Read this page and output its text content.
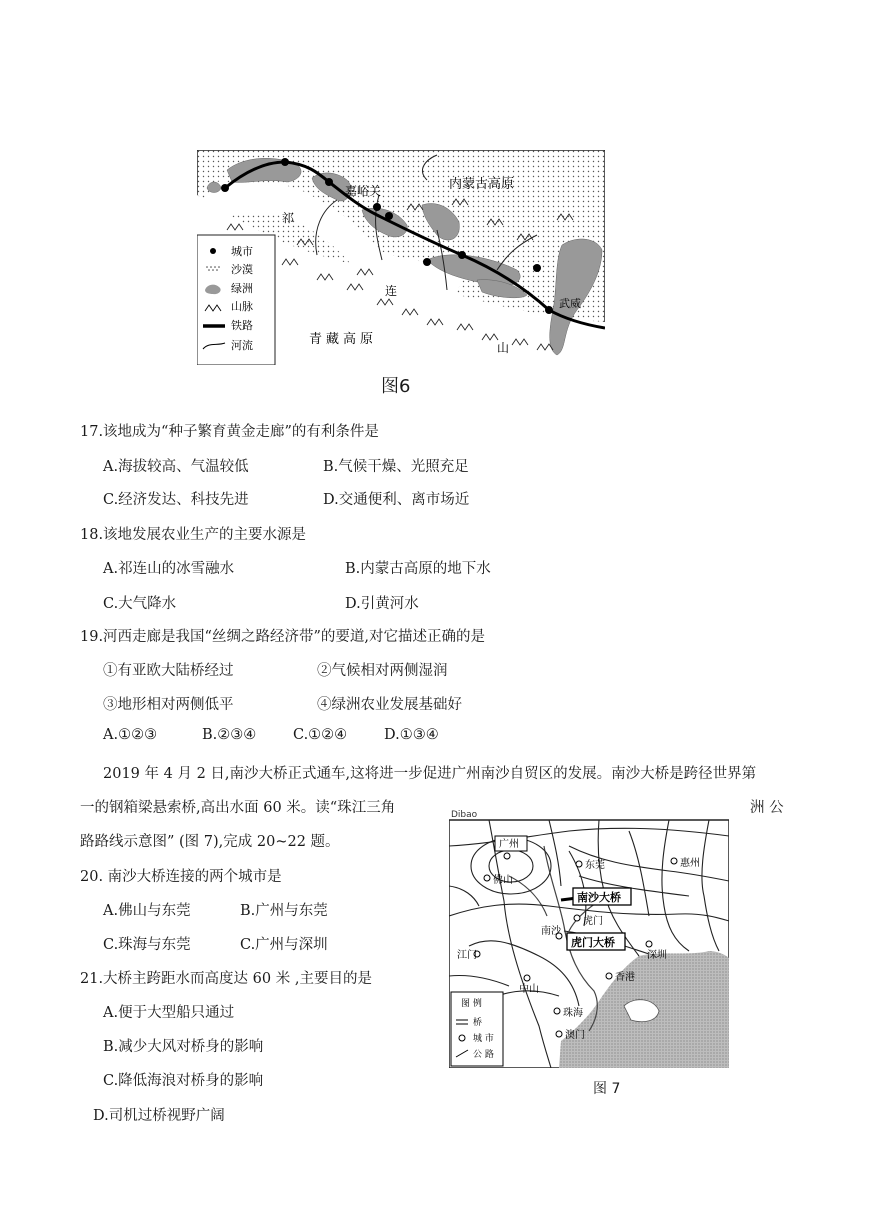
嘉峪关	内蒙古高原
祁
连
山
武威
青藏高原
城市
沙漠
绿洲
山脉
铁路
河流
图6
17.该地成为“种子繁育黄金走廊”的有利条件是
A.海拔较高、气温较低	B.气候干燥、光照充足
C.经济发达、科技先进	D.交通便利、离市场近
18.该地发展农业生产的主要水源是
A.祁连山的冰雪融水	B.内蒙古高原的地下水
C.大气降水	D.引黄河水
19.河西走廊是我国“丝绸之路经济带”的要道,对它描述正确的是
①有亚欧大陆桥经过	②气候相对两侧湿润
③地形相对两侧低平	④绿洲农业发展基础好
A.①②③	B.②③④	C.①②④	D.①③④
2019 年 4 月 2 日,南沙大桥正式通车,这将进一步促进广州南沙自贸区的发展。南沙大桥是跨径世界第
一的钢箱梁悬索桥,高出水面 60 米。读“珠江三角	洲 公
路路线示意图” (图 7),完成 20~22 题。
20. 南沙大桥连接的两个城市是
A.佛山与东莞	B.广州与东莞
C.珠海与东莞	C.广州与深圳
21.大桥主跨距水而高度达 60 米 ,主要目的是
A.便于大型船只通过
B.减少大风对桥身的影响
C.降低海浪对桥身的影响
D.司机过桥视野广阔
Dibao
广州
佛山
东莞	惠州
虎门
南沙
江门
中山
深圳
香港
珠海
澳门
南沙大桥
虎门大桥
图 例
桥
城 市
公 路
图 7
